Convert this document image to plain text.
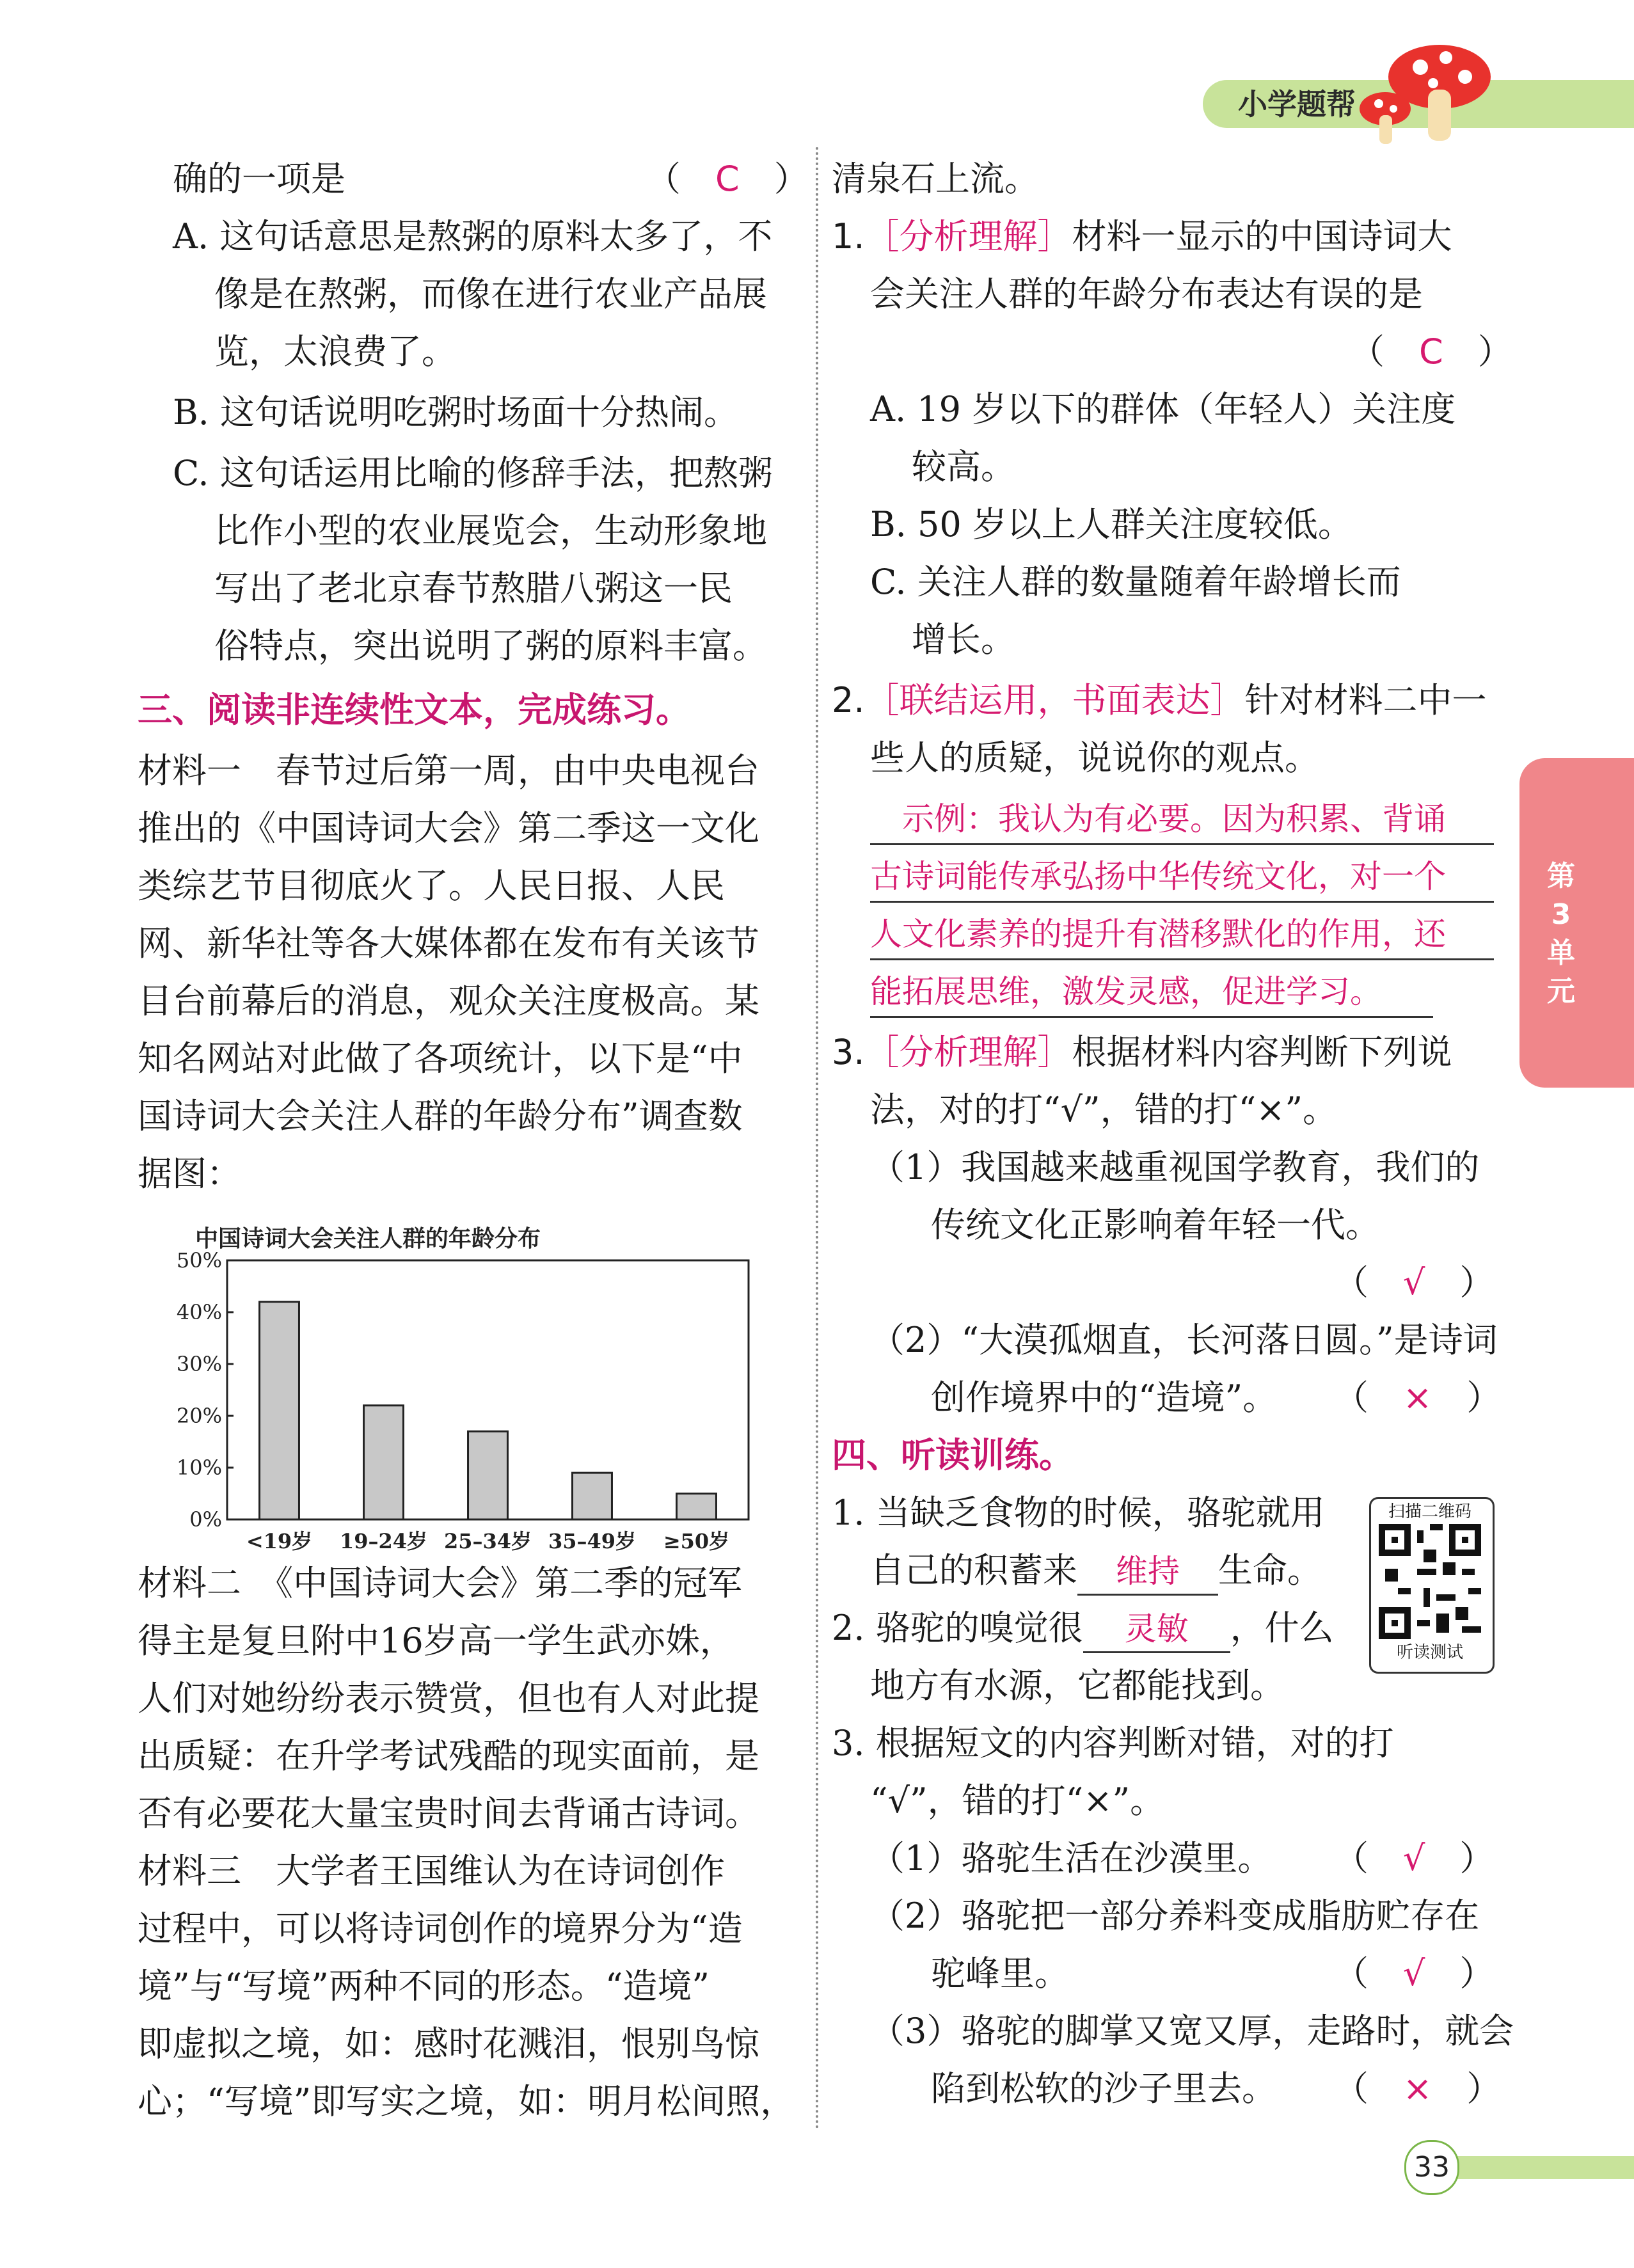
小学题帮
第
3
单
元
确的一项是	（　C　）
A. 这句话意思是熬粥的原料太多了，不
像是在熬粥，而像在进行农业产品展
览，太浪费了。
B. 这句话说明吃粥时场面十分热闹。
C. 这句话运用比喻的修辞手法，把熬粥
比作小型的农业展览会，生动形象地
写出了老北京春节熬腊八粥这一民
俗特点，突出说明了粥的原料丰富。
三、阅读非连续性文本，完成练习。
材料一　春节过后第一周，由中央电视台
推出的《中国诗词大会》第二季这一文化
类综艺节目彻底火了。人民日报、人民
网、新华社等各大媒体都在发布有关该节
目台前幕后的消息，观众关注度极高。某
知名网站对此做了各项统计，以下是“中
国诗词大会关注人群的年龄分布”调查数
据图：
中国诗词大会关注人群的年龄分布
0%
10%
20%
30%
40%
50%
<19岁 19–24岁 25–34岁 35–49岁 ≥50岁
材料二　《中国诗词大会》第二季的冠军
得主是复旦附中16岁高一学生武亦姝，
人们对她纷纷表示赞赏，但也有人对此提
出质疑：在升学考试残酷的现实面前，是
否有必要花大量宝贵时间去背诵古诗词。
材料三　大学者王国维认为在诗词创作
过程中，可以将诗词创作的境界分为“造
境”与“写境”两种不同的形态。“造境”
即虚拟之境，如：感时花溅泪，恨别鸟惊
心；“写境”即写实之境，如：明月松间照，
清泉石上流。
1.［分析理解］材料一显示的中国诗词大
会关注人群的年龄分布表达有误的是
（　C　）
A. 19 岁以下的群体（年轻人）关注度
较高。
B. 50 岁以上人群关注度较低。
C. 关注人群的数量随着年龄增长而
增长。
2.［联结运用，书面表达］针对材料二中一
些人的质疑，说说你的观点。
示例：我认为有必要。因为积累、背诵
古诗词能传承弘扬中华传统文化，对一个
人文化素养的提升有潜移默化的作用，还
能拓展思维，激发灵感，促进学习。
3.［分析理解］根据材料内容判断下列说
法，对的打“√”，错的打“×”。
（1）我国越来越重视国学教育，我们的
传统文化正影响着年轻一代。
（　√　）
（2）“大漠孤烟直，长河落日圆。”是诗词
创作境界中的“造境”。 （　×　）
四、听读训练。
1. 当缺乏食物的时候，骆驼就用
自己的积蓄来 维持 生命。
2. 骆驼的嗅觉很 灵敏 ，什么
地方有水源，它都能找到。
扫描二维码
听读测试
3. 根据短文的内容判断对错，对的打
“√”，错的打“×”。
（1）骆驼生活在沙漠里。 （　√　）
（2）骆驼把一部分养料变成脂肪贮存在
驼峰里。	（　√　）
（3）骆驼的脚掌又宽又厚，走路时，就会
陷到松软的沙子里去。 （　×　）
33
